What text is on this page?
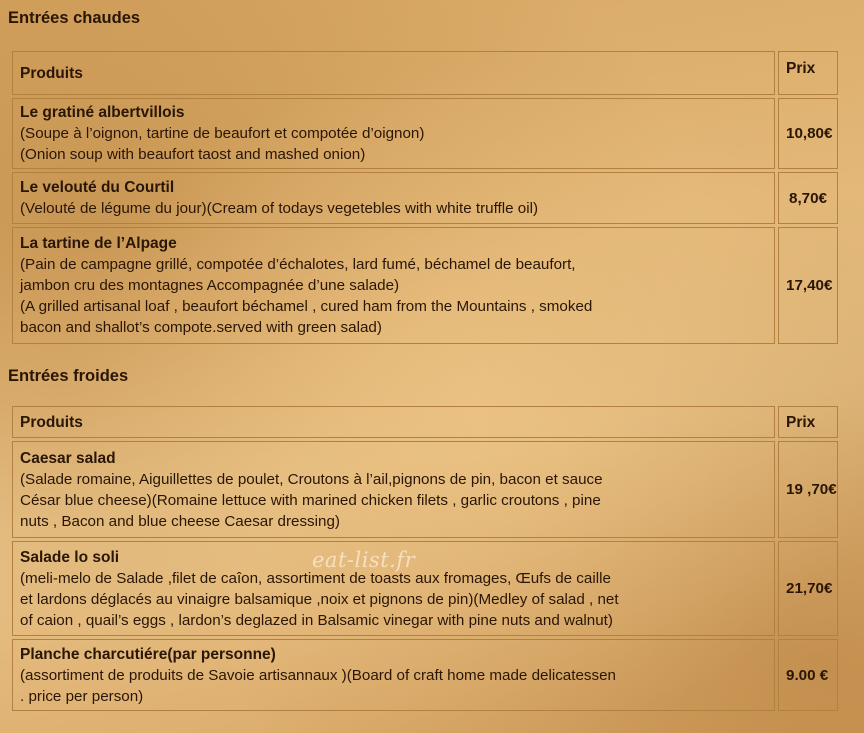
Entrées chaudes
Produits	Prix
Le gratiné albertvillois
(Soupe à l’oignon, tartine de beaufort et compotée d’oignon)
(Onion soup with beaufort taost and mashed onion)	10,80€
Le velouté du Courtil
(Velouté de légume du jour)(Cream of todays vegetebles with white truffle oil)	8,70€
La tartine de l’Alpage
(Pain de campagne grillé, compotée d’échalotes, lard fumé, béchamel de beaufort,
jambon cru des montagnes Accompagnée d’une salade)
(A grilled artisanal loaf , beaufort béchamel , cured ham from the Mountains , smoked
bacon and shallot’s compote.served with green salad)	17,40€
Entrées froides
Produits	Prix
Caesar salad
(Salade romaine, Aiguillettes de poulet, Croutons à l’ail,pignons de pin, bacon et sauce
César blue cheese)(Romaine lettuce with marined chicken filets , garlic croutons , pine
nuts , Bacon and blue cheese Caesar dressing)	19 ,70€
Salade lo soli
(meli-melo de Salade ,filet de caîon, assortiment de toasts aux fromages, Œufs de caille
et lardons déglacés au vinaigre balsamique ,noix et pignons de pin)(Medley of salad , net
of caion , quail’s eggs , lardon’s deglazed in Balsamic vinegar with pine nuts and walnut)	21,70€
Planche charcutiére(par personne)
(assortiment de produits de Savoie artisannaux )(Board of craft home made delicatessen
. price per person)	9.00 €
eat-list.fr
